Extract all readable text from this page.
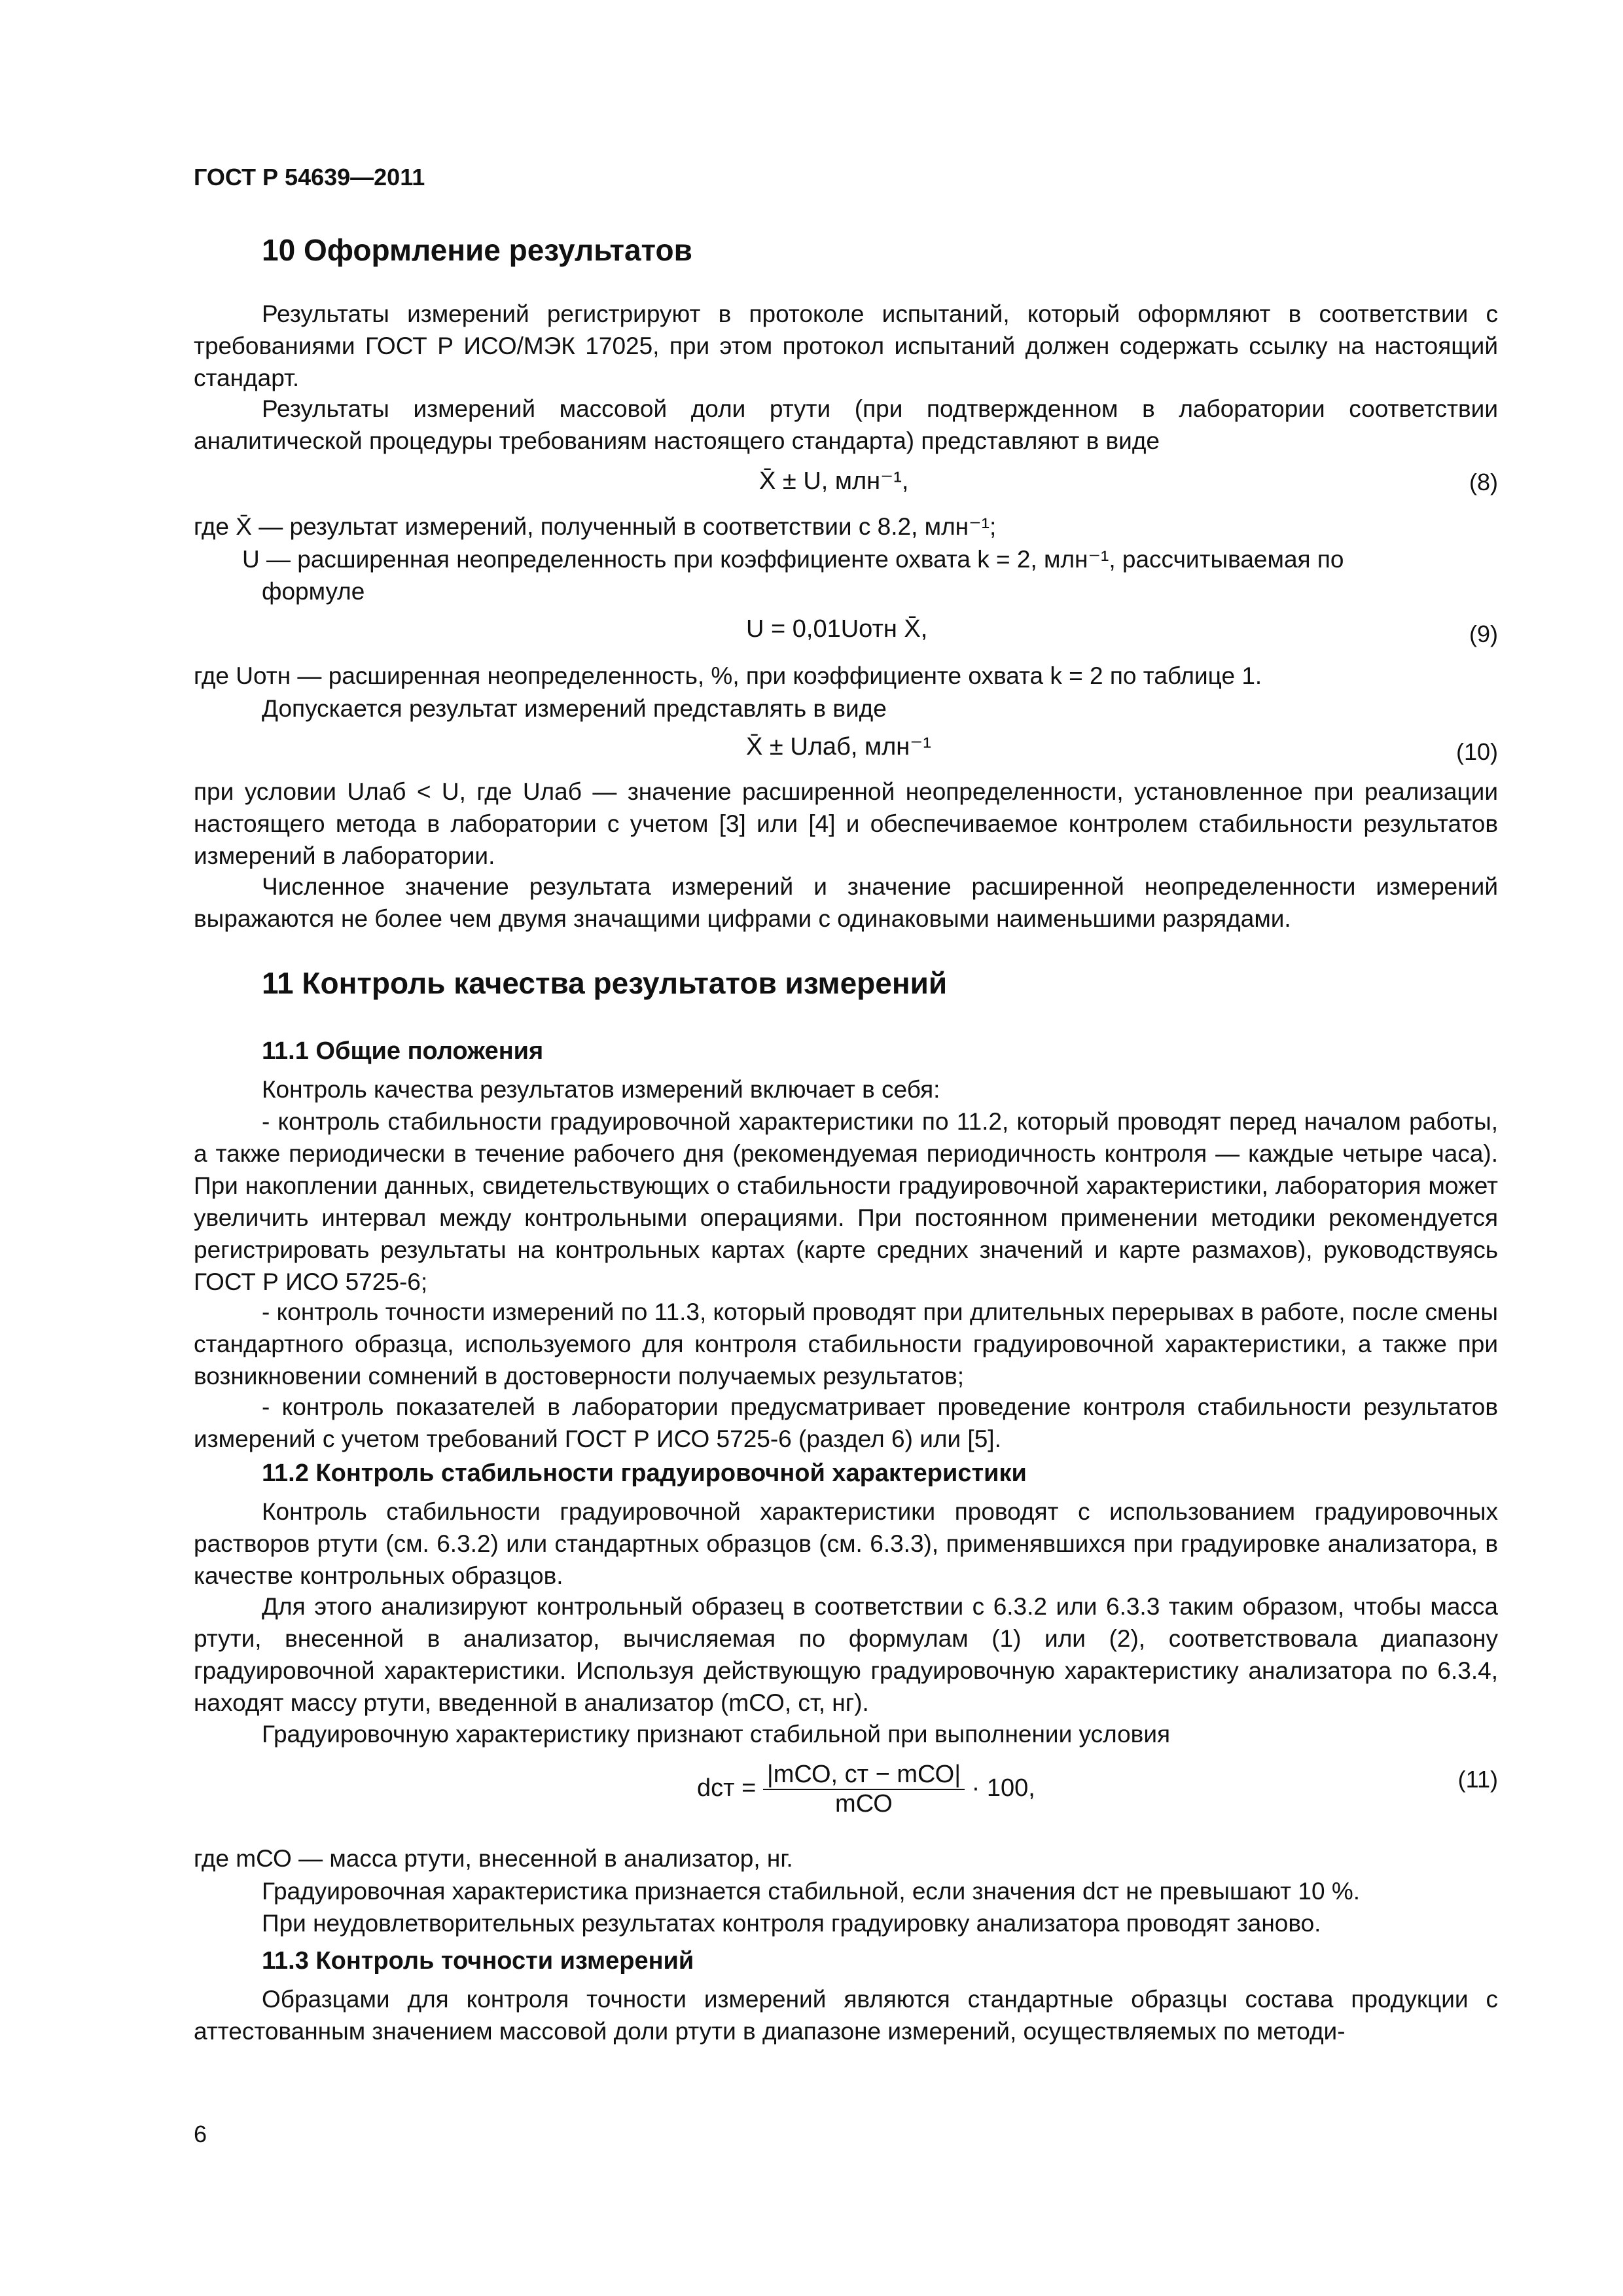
ГОСТ Р 54639—2011
10 Оформление результатов

Результаты измерений регистрируют в протоколе испытаний, который оформляют в соответствии с требованиями ГОСТ Р ИСО/МЭК 17025, при этом протокол испытаний должен содержать ссылку на настоящий стандарт.

Результаты измерений массовой доли ртути (при подтвержденном в лаборатории соответствии аналитической процедуры требованиям настоящего стандарта) представляют в виде

X̄ ± U, млн⁻¹,	(8)
где X̄ — результат измерений, полученный в соответствии с 8.2, млн⁻¹;
U — расширенная неопределенность при коэффициенте охвата k = 2, млн⁻¹, рассчитываемая по
формуле
U = 0,01Uотн X̄,	(9)
где Uотн — расширенная неопределенность, %, при коэффициенте охвата k = 2 по таблице 1.
Допускается результат измерений представлять в виде
X̄ ± Uлаб, млн⁻¹	(10)

при условии Uлаб < U, где Uлаб — значение расширенной неопределенности, установленное при реализации настоящего метода в лаборатории с учетом [3] или [4] и обеспечиваемое контролем стабильности результатов измерений в лаборатории.

Численное значение результата измерений и значение расширенной неопределенности измерений выражаются не более чем двумя значащими цифрами с одинаковыми наименьшими разрядами.

11 Контроль качества результатов измерений
11.1 Общие положения

Контроль качества результатов измерений включает в себя:

- контроль стабильности градуировочной характеристики по 11.2, который проводят перед началом работы, а также периодически в течение рабочего дня (рекомендуемая периодичность контроля — каждые четыре часа). При накоплении данных, свидетельствующих о стабильности градуировочной характеристики, лаборатория может увеличить интервал между контрольными операциями. При постоянном применении методики рекомендуется регистрировать результаты на контрольных картах (карте средних значений и карте размахов), руководствуясь ГОСТ Р ИСО 5725-6;

- контроль точности измерений по 11.3, который проводят при длительных перерывах в работе, после смены стандартного образца, используемого для контроля стабильности градуировочной характеристики, а также при возникновении сомнений в достоверности получаемых результатов;

- контроль показателей в лаборатории предусматривает проведение контроля стабильности результатов измерений с учетом требований ГОСТ Р ИСО 5725-6 (раздел 6) или [5].

11.2 Контроль стабильности градуировочной характеристики

Контроль стабильности градуировочной характеристики проводят с использованием градуировочных растворов ртути (см. 6.3.2) или стандартных образцов (см. 6.3.3), применявшихся при градуировке анализатора, в качестве контрольных образцов.

Для этого анализируют контрольный образец в соответствии с 6.3.2 или 6.3.3 таким образом, чтобы масса ртути, внесенной в анализатор, вычисляемая по формулам (1) или (2), соответствовала диапазону градуировочной характеристики. Используя действующую градуировочную характеристику анализатора по 6.3.4, находят массу ртути, введенной в анализатор (mСО, ст, нг).

Градуировочную характеристику признают стабильной при выполнении условия

dст = $\frac{\text{|mСО, ст − mСО|}}{\text{mСО}} \cdot 100$,	(11)
где mСО — масса ртути, внесенной в анализатор, нг.
Градуировочная характеристика признается стабильной, если значения dст не превышают 10 %.
При неудовлетворительных результатах контроля градуировку анализатора проводят заново.
11.3 Контроль точности измерений

Образцами для контроля точности измерений являются стандартные образцы состава продукции с аттестованным значением массовой доли ртути в диапазоне измерений, осуществляемых по методи-

6
